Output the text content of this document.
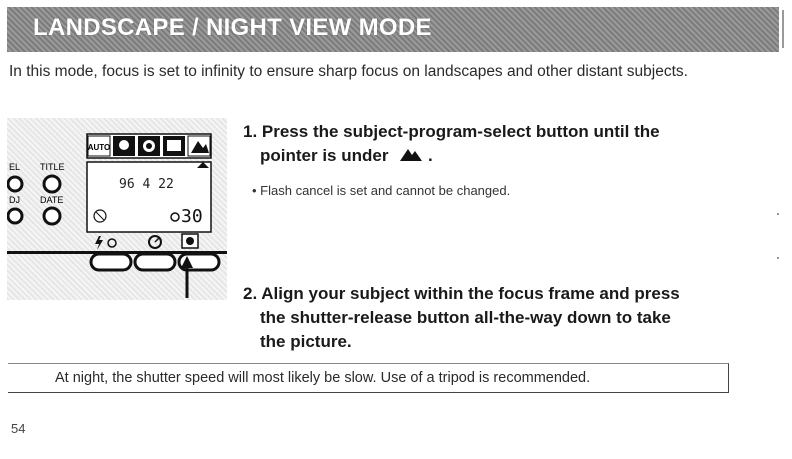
LANDSCAPE / NIGHT VIEW MODE
In this mode, focus is set to infinity to ensure sharp focus on landscapes and other distant subjects.
AUTO
EL TITLE
DJ DATE
96 4 22
30
1. Press the subject-program-select button until the
pointer is under .
• Flash cancel is set and cannot be changed.
2. Align your subject within the focus frame and press
the shutter-release button all-the-way down to take
the picture.
At night, the shutter speed will most likely be slow. Use of a tripod is recommended.
54
